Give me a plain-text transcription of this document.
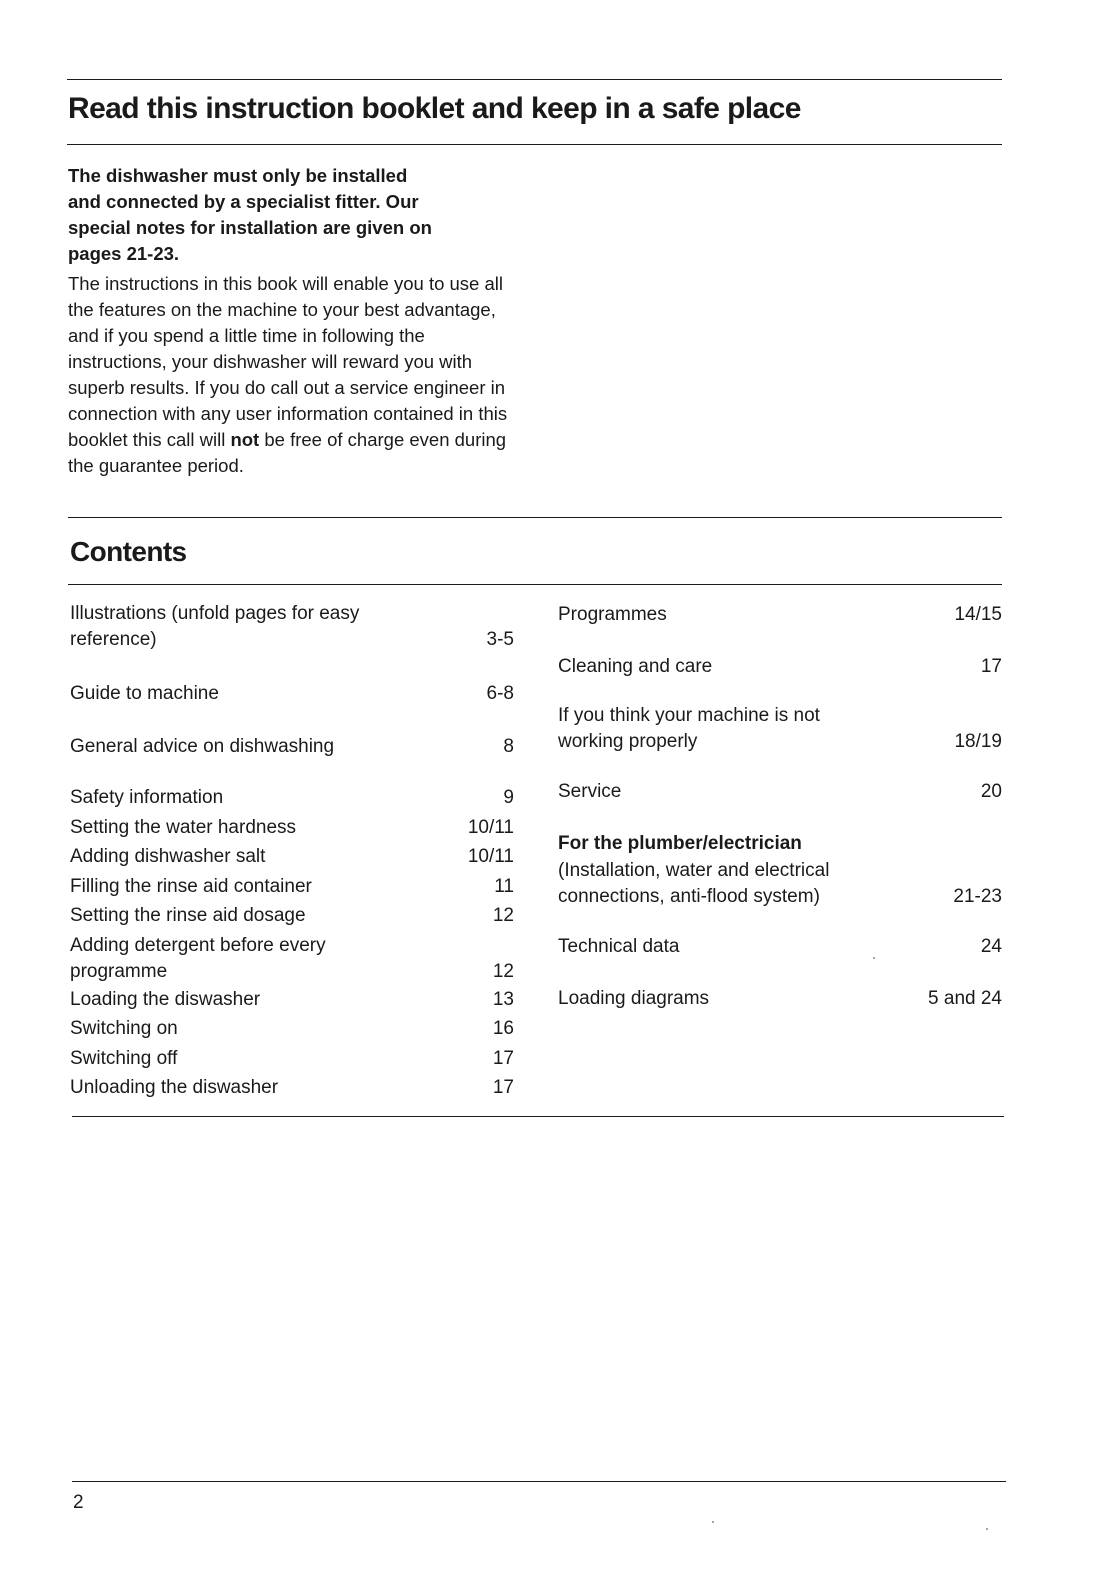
Read this instruction booklet and keep in a safe place
The dishwasher must only be installed
and connected by a specialist fitter. Our
special notes for installation are given on
pages 21-23.

The instructions in this book will enable you to use all the features on the machine to your best advantage, and if you spend a little time in following the instructions, your dishwasher will reward you with superb results. If you do call out a service engineer in connection with any user information contained in this booklet this call will not be free of charge even during the guarantee period.

Contents
Illustrations (unfold pages for easy
reference)	3-5
Guide to machine	6-8
General advice on dishwashing	8
Safety information	9
Setting the water hardness	10/11
Adding dishwasher salt	10/11
Filling the rinse aid container	11
Setting the rinse aid dosage	12
Adding detergent before every
programme	12
Loading the diswasher	13
Switching on	16
Switching off	17
Unloading the diswasher	17
Programmes	14/15
Cleaning and care	17
If you think your machine is not
working properly	18/19
Service	20
For the plumber/electrician
(Installation, water and electrical
connections, anti-flood system)	21-23
Technical data	24
Loading diagrams	5 and 24
2
